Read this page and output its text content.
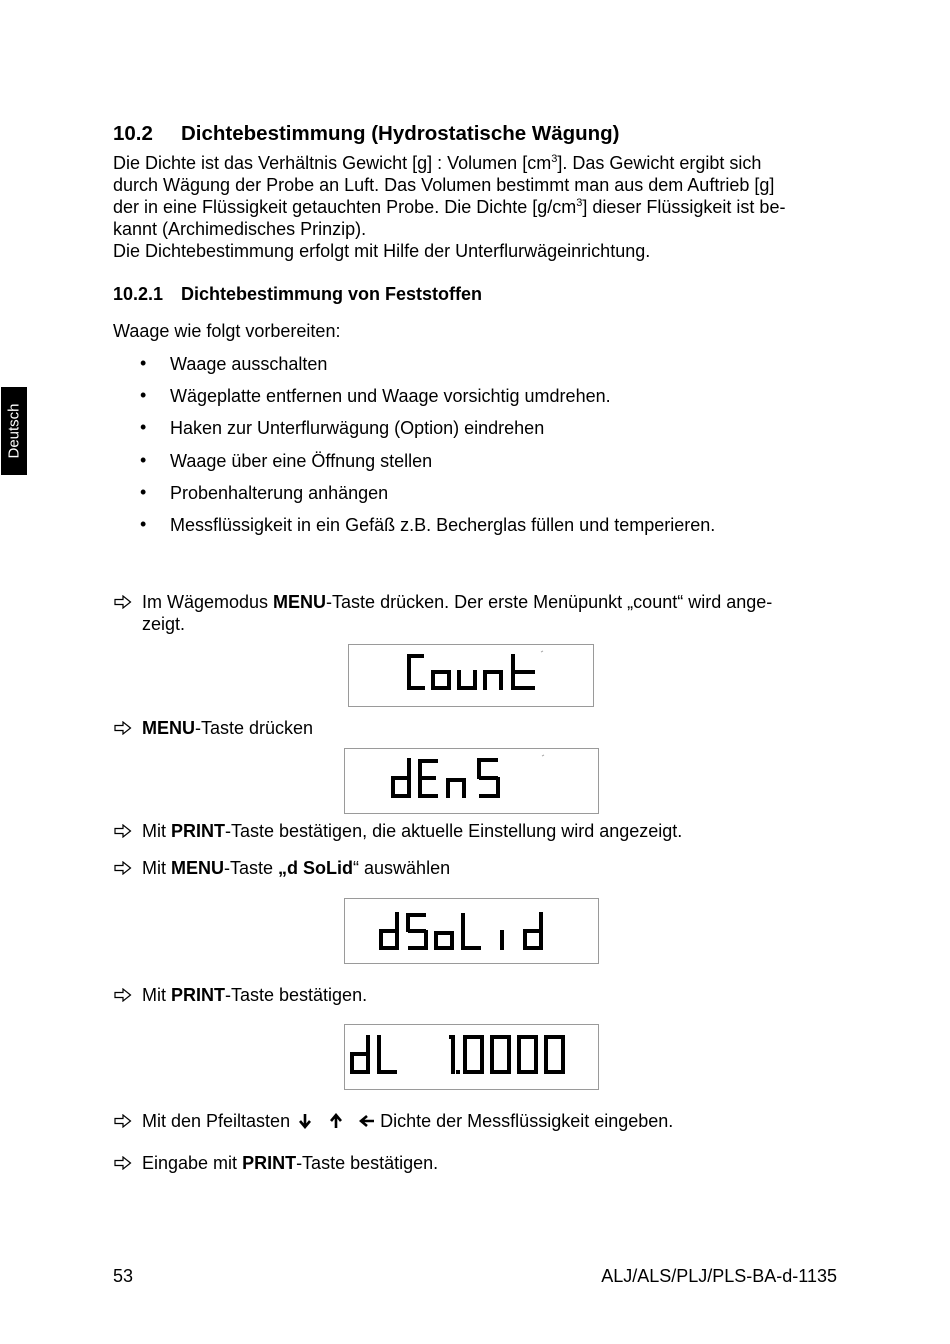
Deutsch
10.2 Dichtebestimmung (Hydrostatische Wägung)
Die Dichte ist das Verhältnis Gewicht [g] : Volumen $[cm^3]$. Das Gewicht ergibt sich
durch Wägung der Probe an Luft. Das Volumen bestimmt man aus dem Auftrieb [g]
der in eine Flüssigkeit getauchten Probe. Die Dichte $[g/cm^3]$ dieser Flüssigkeit ist be-
kannt (Archimedisches Prinzip).
Die Dichtebestimmung erfolgt mit Hilfe der Unterflurwägeinrichtung.
10.2.1 Dichtebestimmung von Feststoffen
Waage wie folgt vorbereiten:
• Waage ausschalten
• Wägeplatte entfernen und Waage vorsichtig umdrehen.
• Haken zur Unterflurwägung (Option) eindrehen
• Waage über eine Öffnung stellen
• Probenhalterung anhängen
• Messflüssigkeit in ein Gefäß z.B. Becherglas füllen und temperieren.
Im Wägemodus MENU-Taste drücken. Der erste Menüpunkt „count“ wird ange-
zeigt.
MENU-Taste drücken
Mit PRINT-Taste bestätigen, die aktuelle Einstellung wird angezeigt.
Mit MENU-Taste „d SoLid“ auswählen
Mit PRINT-Taste bestätigen.
Mit den Pfeiltasten	Dichte der Messflüssigkeit eingeben.
Eingabe mit PRINT-Taste bestätigen.
53	ALJ/ALS/PLJ/PLS-BA-d-1135
